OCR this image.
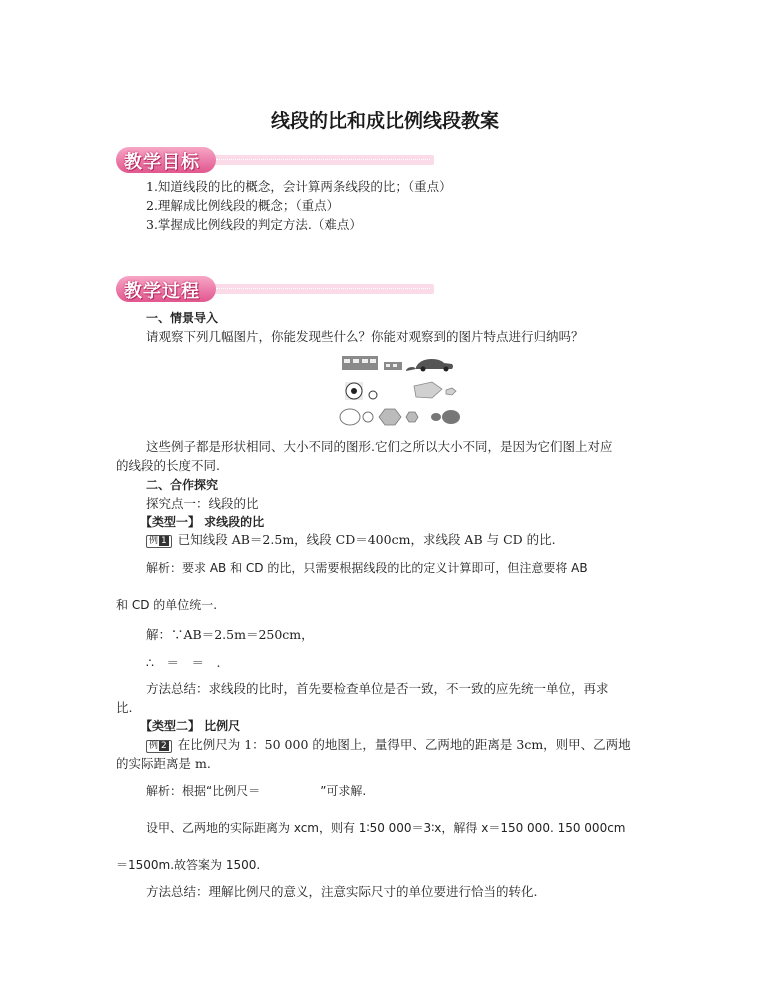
线段的比和成比例线段教案
教学目标
1.知道线段的比的概念，会计算两条线段的比；（重点）
2.理解成比例线段的概念；（重点）
3.掌握成比例线段的判定方法.（难点）
教学过程
一、情景导入
请观察下列几幅图片，你能发现些什么？你能对观察到的图片特点进行归纳吗？
这些例子都是形状相同、大小不同的图形.它们之所以大小不同，是因为它们图上对应
的线段的长度不同.
二、合作探究
探究点一：线段的比
【类型一】 求线段的比
例 1 已知线段 AB＝2.5m，线段 CD＝400cm，求线段 AB 与 CD 的比.
解析：要求 AB 和 CD 的比，只需要根据线段的比的定义计算即可，但注意要将 AB
和 CD 的单位统一.
解：∵AB＝2.5m＝250cm，
∴　＝　＝　.
方法总结：求线段的比时，首先要检查单位是否一致，不一致的应先统一单位，再求
比.
【类型二】 比例尺
例 2 在比例尺为 1：50 000 的地图上，量得甲、乙两地的距离是 3cm，则甲、乙两地
的实际距离是 m.
解析：根据“比例尺＝　　　　　”可求解.
设甲、乙两地的实际距离为 xcm，则有 1∶50 000＝3∶x，解得 x＝150 000. 150 000cm
＝1500m.故答案为 1500.
方法总结：理解比例尺的意义，注意实际尺寸的单位要进行恰当的转化.
